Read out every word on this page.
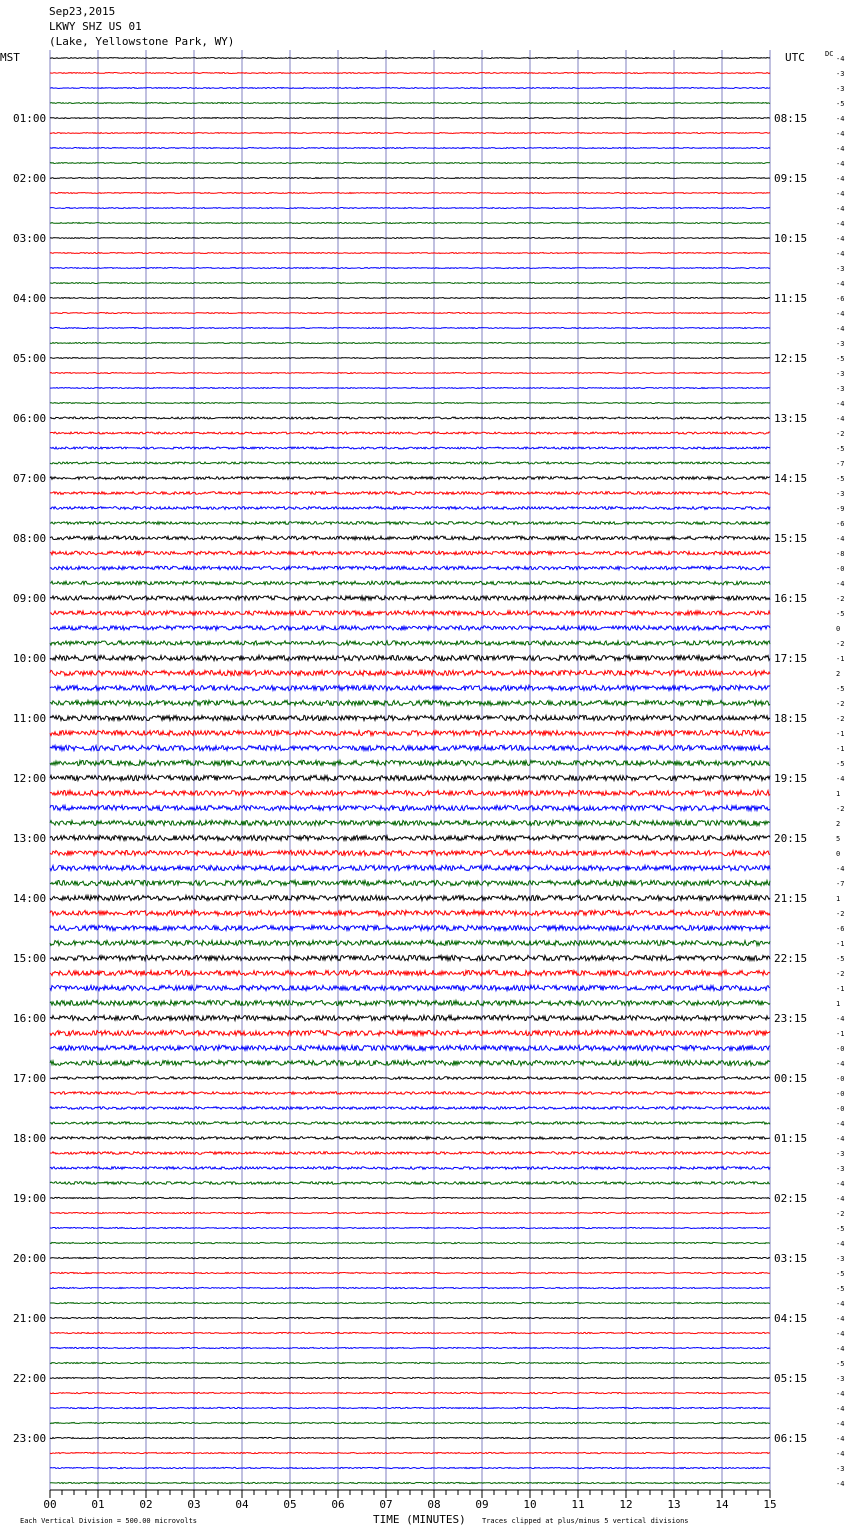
Sep23,2015
LKWY SHZ US 01
(Lake, Yellowstone Park, WY)
MST	UTC	DC
Each Vertical Division = 500.00 microvolts	TIME (MINUTES) Traces clipped at plus/minus 5 vertical divisions
-4
-3
-3
-5
-4
-4
-4
-4
-4
-4
-4
-4
-4
-4
-3
-4
-6
-4
-4
-3
-5
-3
-3
-4
-4
-2
-5
-7
-5
-3
-9
-6
-4
-8
-0
-4
-2
-5
0
-2
-1
2
-5
-2
-2
-1
-1
-5
-4
1
-2
2
5
0
-4
-7
1
-2
-6
-1
-5
-2
-1
1
-4
-1
-0
-4
-0
-0
-0
-4
-4
-3
-3
-4
-4
-2
-5
-4
-3
-5
-5
-4
-4
-4
-4
-5
-3
-4
-4
-4
-4
-4
-3
-4
01:00
02:00
03:00
04:00
05:00
06:00
07:00
08:00
09:00
10:00
11:00
12:00
13:00
14:00
15:00
16:00
17:00
18:00
19:00
20:00
21:00
22:00
23:00
08:15
09:15
10:15
11:15
12:15
13:15
14:15
15:15
16:15
17:15
18:15
19:15
20:15
21:15
22:15
23:15
00:15
01:15
02:15
03:15
04:15
05:15
06:15
00	01	02	03	04	05	06	07	08	09	10	11	12	13	14	15
